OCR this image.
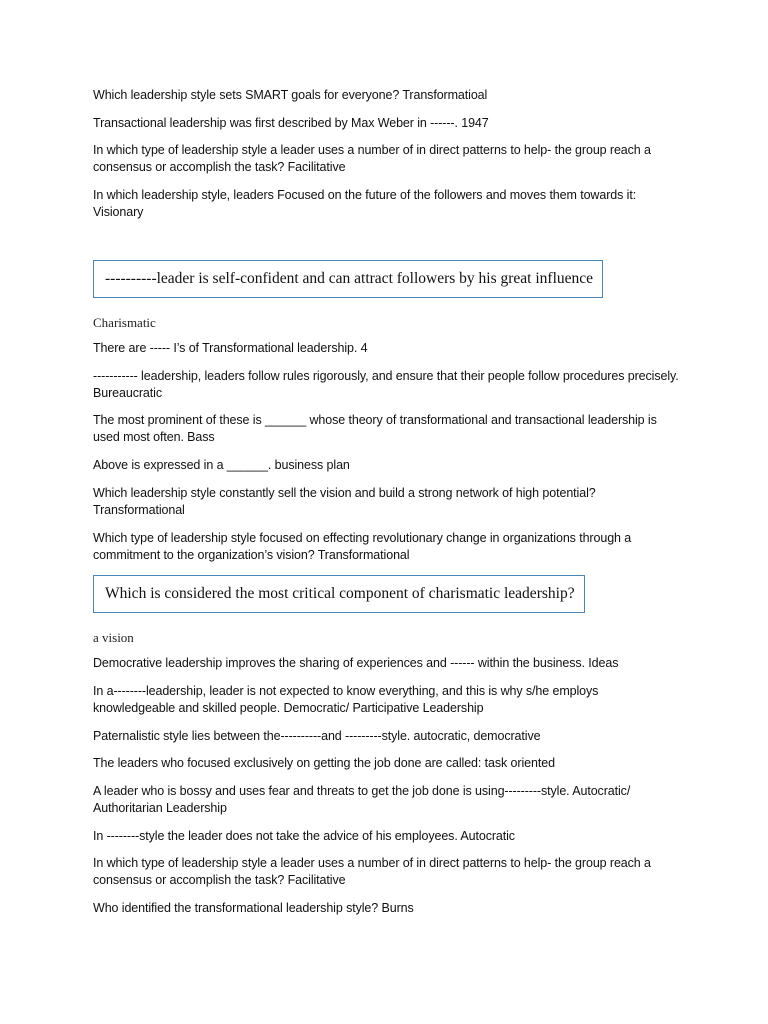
Which leadership style sets SMART goals for everyone? Transformatioal

Transactional leadership was first described by Max Weber in ------. 1947

In which type of leadership style a leader uses a number of in direct patterns to help- the group reach a consensus or accomplish the task? Facilitative

In which leadership style, leaders Focused on the future of the followers and moves them towards it: Visionary

----------leader is self-confident and can attract followers by his great influence

Charismatic

There are ----- I’s of Transformational leadership. 4

----------- leadership, leaders follow rules rigorously, and ensure that their people follow procedures precisely. Bureaucratic

The most prominent of these is ______ whose theory of transformational and transactional leadership is used most often. Bass

Above is expressed in a ______. business plan

Which leadership style constantly sell the vision and build a strong network of high potential? Transformational

Which type of leadership style focused on effecting revolutionary change in organizations through a commitment to the organization’s vision? Transformational

Which is considered the most critical component of charismatic leadership?

a vision

Democrative leadership improves the sharing of experiences and ------ within the business. Ideas

In a--------leadership, leader is not expected to know everything, and this is why s/he employs knowledgeable and skilled people. Democratic/ Participative Leadership

Paternalistic style lies between the----------and ---------style. autocratic, democrative

The leaders who focused exclusively on getting the job done are called: task oriented

A leader who is bossy and uses fear and threats to get the job done is using---------style. Autocratic/ Authoritarian Leadership

In --------style the leader does not take the advice of his employees. Autocratic

In which type of leadership style a leader uses a number of in direct patterns to help- the group reach a consensus or accomplish the task? Facilitative

Who identified the transformational leadership style? Burns
